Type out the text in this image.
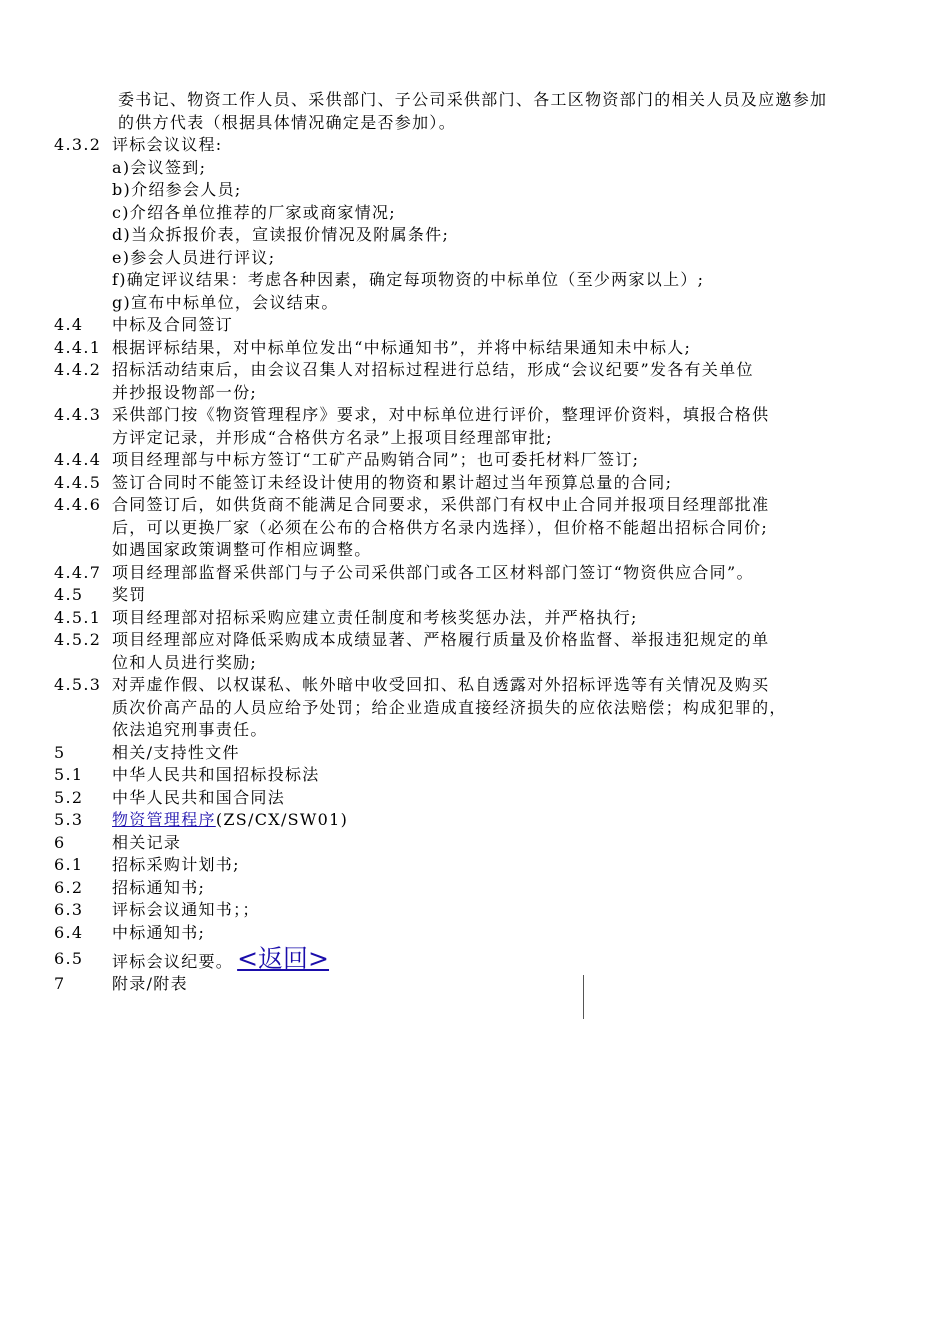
委书记、物资工作人员、采供部门、子公司采供部门、各工区物资部门的相关人员及应邀参加
的供方代表（根据具体情况确定是否参加）。
4.3.2 评标会议议程:
a)会议签到;
b)介绍参会人员;
c)介绍各单位推荐的厂家或商家情况;
d)当众拆报价表，宣读报价情况及附属条件;
e)参会人员进行评议;
f)确定评议结果：考虑各种因素，确定每项物资的中标单位（至少两家以上）;
g)宣布中标单位，会议结束。
4.4 中标及合同签订
4.4.1 根据评标结果，对中标单位发出“中标通知书”，并将中标结果通知未中标人;
4.4.2 招标活动结束后，由会议召集人对招标过程进行总结，形成“会议纪要”发各有关单位
并抄报设物部一份;
4.4.3 采供部门按《物资管理程序》要求，对中标单位进行评价，整理评价资料，填报合格供
方评定记录，并形成“合格供方名录”上报项目经理部审批;
4.4.4 项目经理部与中标方签订“工矿产品购销合同”；也可委托材料厂签订;
4.4.5 签订合同时不能签订未经设计使用的物资和累计超过当年预算总量的合同;
4.4.6 合同签订后，如供货商不能满足合同要求，采供部门有权中止合同并报项目经理部批准
后，可以更换厂家（必须在公布的合格供方名录内选择），但价格不能超出招标合同价;
如遇国家政策调整可作相应调整。
4.4.7 项目经理部监督采供部门与子公司采供部门或各工区材料部门签订“物资供应合同”。
4.5 奖罚
4.5.1 项目经理部对招标采购应建立责任制度和考核奖惩办法，并严格执行;
4.5.2 项目经理部应对降低采购成本成绩显著、严格履行质量及价格监督、举报违犯规定的单
位和人员进行奖励;
4.5.3 对弄虚作假、以权谋私、帐外暗中收受回扣、私自透露对外招标评选等有关情况及购买
质次价高产品的人员应给予处罚；给企业造成直接经济损失的应依法赔偿；构成犯罪的，
依法追究刑事责任。
5	相关/支持性文件
5.1 中华人民共和国招标投标法
5.2 中华人民共和国合同法
5.3 物资管理程序(ZS/CX/SW01)
6	相关记录
6.1 招标采购计划书;
6.2 招标通知书;
6.3 评标会议通知书；；
6.4 中标通知书;
6.5 评标会议纪要。 <返回>
7	附录/附表
